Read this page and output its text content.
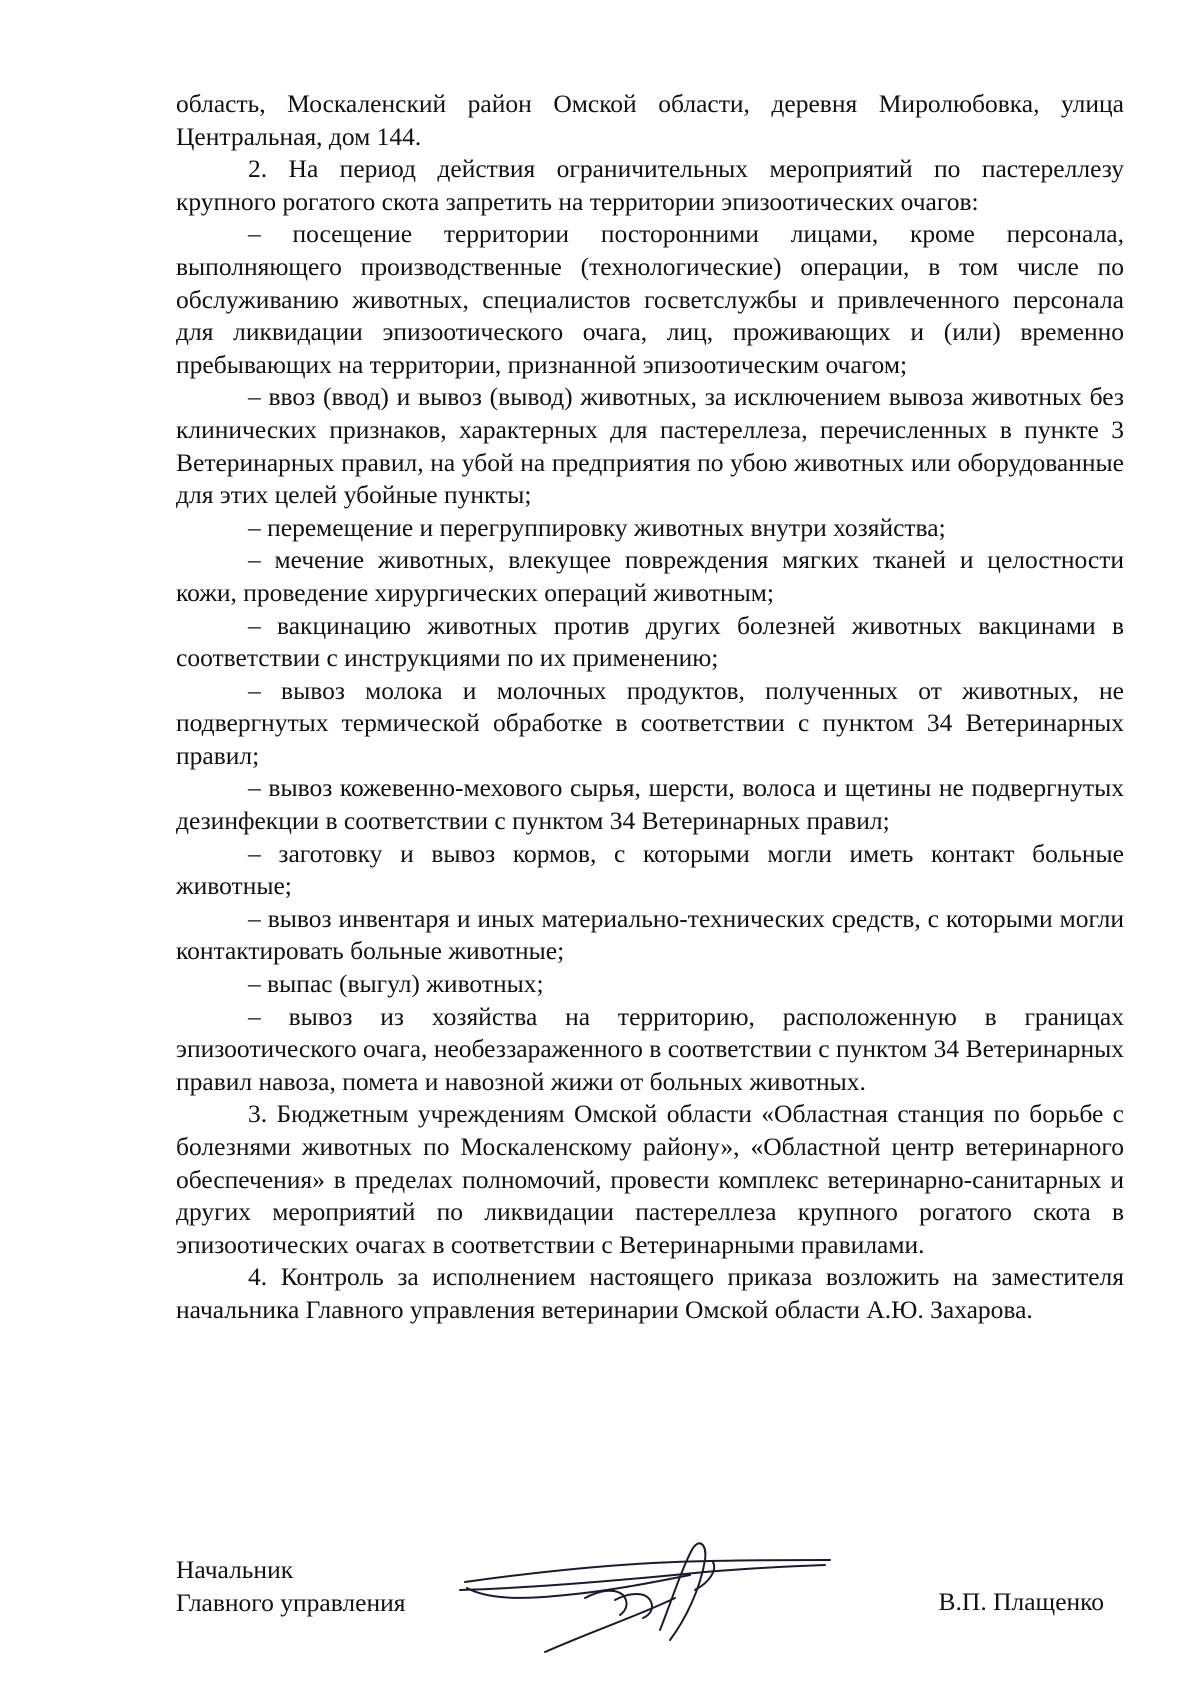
область, Москаленский район Омской области, деревня Миролюбовка, улица Центральная, дом 144.

2. На период действия ограничительных мероприятий по пастереллезу крупного рогатого скота запретить на территории эпизоотических очагов:

– посещение территории посторонними лицами, кроме персонала, выполняющего производственные (технологические) операции, в том числе по обслуживанию животных, специалистов госветслужбы и привлеченного персонала для ликвидации эпизоотического очага, лиц, проживающих и (или) временно пребывающих на территории, признанной эпизоотическим очагом;

– ввоз (ввод) и вывоз (вывод) животных, за исключением вывоза животных без клинических признаков, характерных для пастереллеза, перечисленных в пункте 3 Ветеринарных правил, на убой на предприятия по убою животных или оборудованные для этих целей убойные пункты;

– перемещение и перегруппировку животных внутри хозяйства;

– мечение животных, влекущее повреждения мягких тканей и целостности кожи, проведение хирургических операций животным;

– вакцинацию животных против других болезней животных вакцинами в соответствии с инструкциями по их применению;

– вывоз молока и молочных продуктов, полученных от животных, не подвергнутых термической обработке в соответствии с пунктом 34 Ветеринарных правил;

– вывоз кожевенно-мехового сырья, шерсти, волоса и щетины не подвергнутых дезинфекции в соответствии с пунктом 34 Ветеринарных правил;

– заготовку и вывоз кормов, с которыми могли иметь контакт больные животные;

– вывоз инвентаря и иных материально-технических средств, с которыми могли контактировать больные животные;

– выпас (выгул) животных;

– вывоз из хозяйства на территорию, расположенную в границах эпизоотического очага, необеззараженного в соответствии с пунктом 34 Ветеринарных правил навоза, помета и навозной жижи от больных животных.

3. Бюджетным учреждениям Омской области «Областная станция по борьбе с болезнями животных по Москаленскому району», «Областной центр ветеринарного обеспечения» в пределах полномочий, провести комплекс ветеринарно-санитарных и других мероприятий по ликвидации пастереллеза крупного рогатого скота в эпизоотических очагах в соответствии с Ветеринарными правилами.

4. Контроль за исполнением настоящего приказа возложить на заместителя начальника Главного управления ветеринарии Омской области А.Ю. Захарова.

Начальник
Главного управления	В.П. Плащенко
